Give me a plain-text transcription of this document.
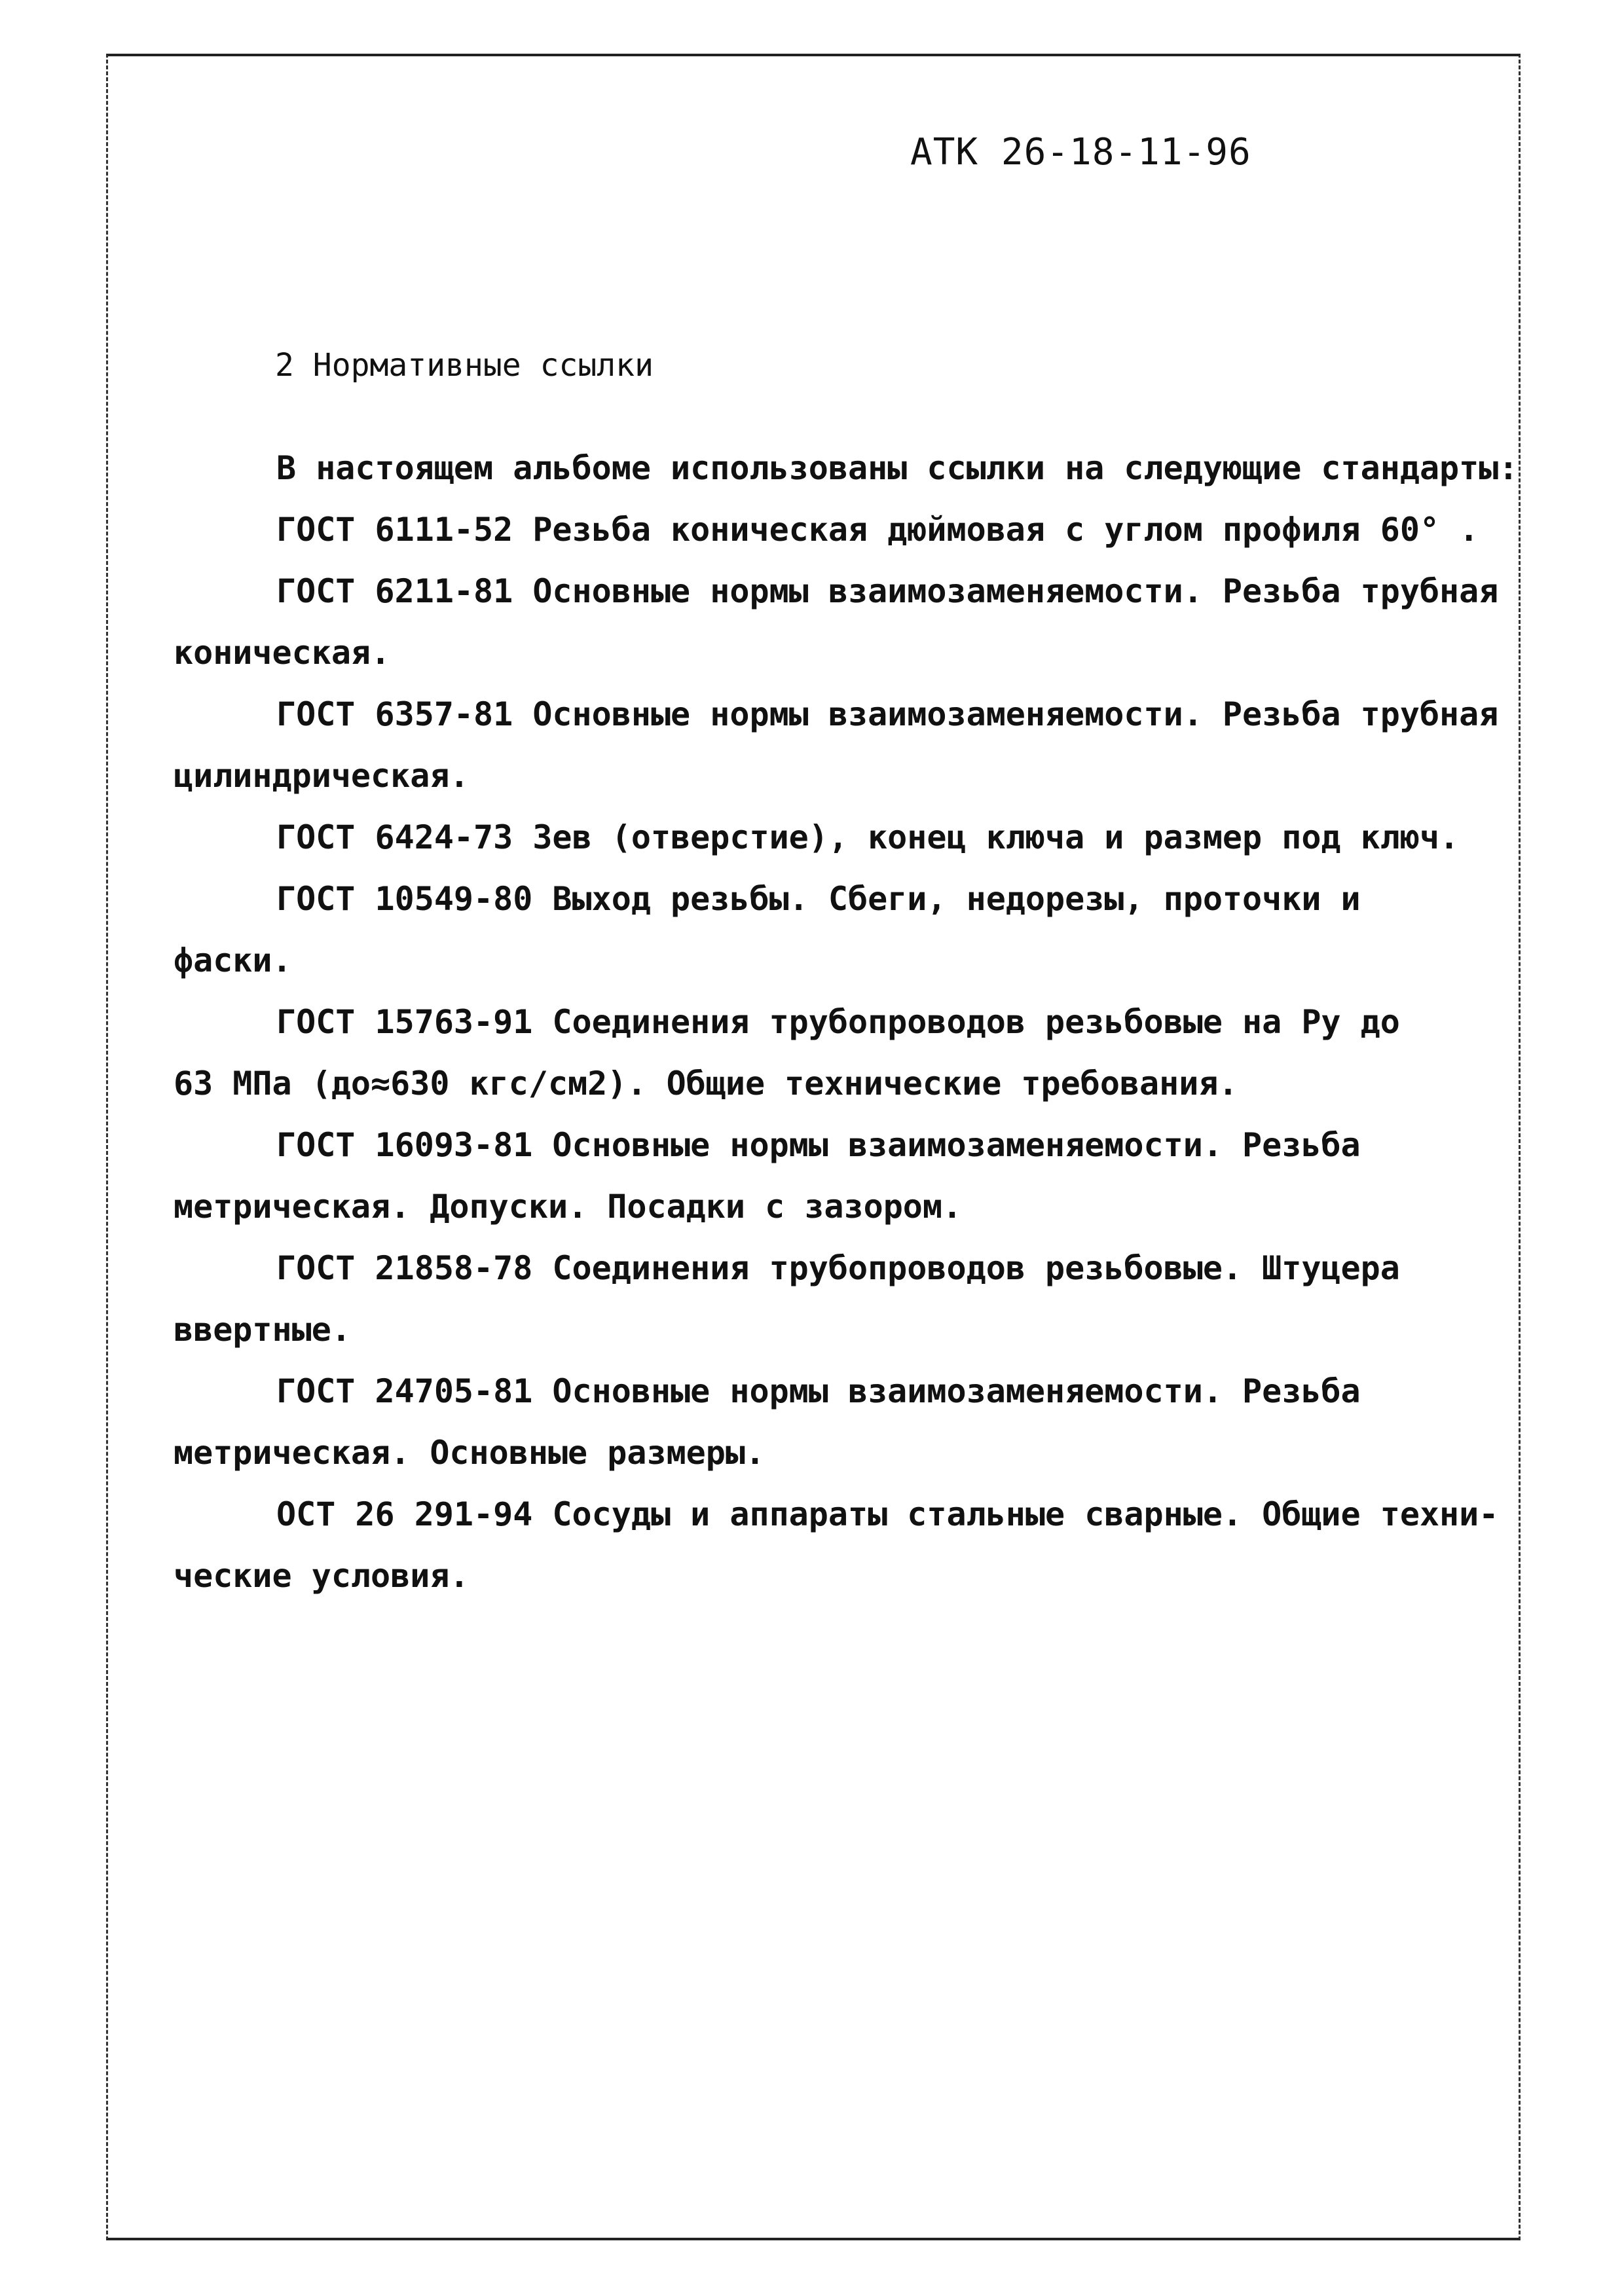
АТК 26-18-11-96
2 Нормативные ссылки
В настоящем альбоме использованы ссылки на следующие стандарты:
ГОСТ 6111-52 Резьба коническая дюймовая с углом профиля 60° .
ГОСТ 6211-81 Основные нормы взаимозаменяемости. Резьба трубная
коническая.
ГОСТ 6357-81 Основные нормы взаимозаменяемости. Резьба трубная
цилиндрическая.
ГОСТ 6424-73 Зев (отверстие), конец ключа и размер под ключ.
ГОСТ 10549-80 Выход резьбы. Сбеги, недорезы, проточки и
фаски.
ГОСТ 15763-91 Соединения трубопроводов резьбовые на Ру до
63 МПа (до≈630 кгс/см2). Общие технические требования.
ГОСТ 16093-81 Основные нормы взаимозаменяемости. Резьба
метрическая. Допуски. Посадки с зазором.
ГОСТ 21858-78 Соединения трубопроводов резьбовые. Штуцера
ввертные.
ГОСТ 24705-81 Основные нормы взаимозаменяемости. Резьба
метрическая. Основные размеры.
ОСТ 26 291-94 Сосуды и аппараты стальные сварные. Общие техни-
ческие условия.
